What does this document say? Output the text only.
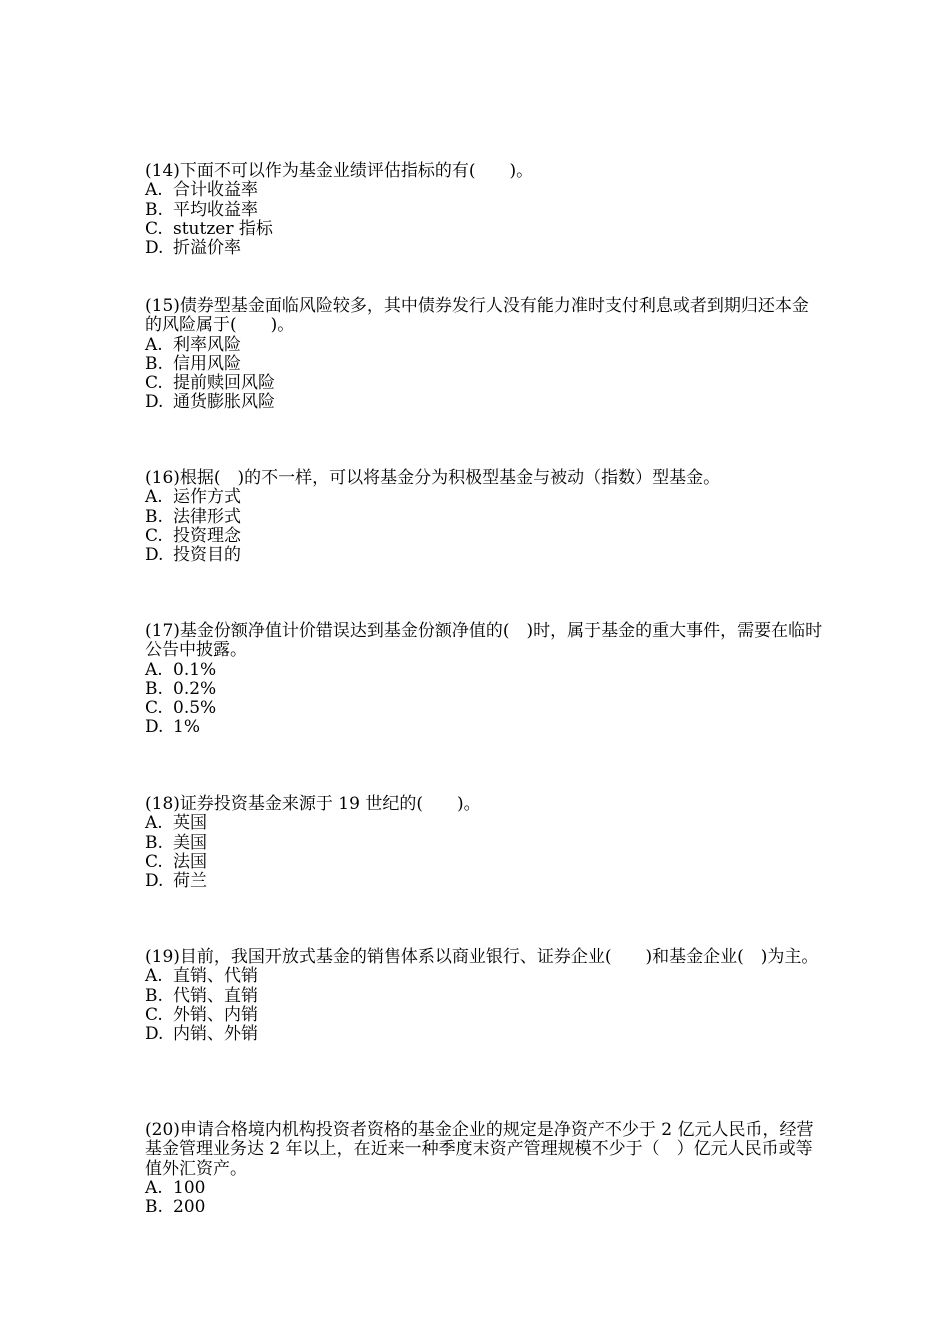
(14)下面不可以作为基金业绩评估指标的有(　　)。

A. 合计收益率
B. 平均收益率
C. stutzer 指标
D. 折溢价率

(15)债券型基金面临风险较多，其中债券发行人没有能力准时支付利息或者到期归还本金的风险属于(　　)。

A. 利率风险
B. 信用风险
C. 提前赎回风险
D. 通货膨胀风险

(16)根据(　)的不一样，可以将基金分为积极型基金与被动（指数）型基金。

A. 运作方式
B. 法律形式
C. 投资理念
D. 投资目的

(17)基金份额净值计价错误达到基金份额净值的(　)时，属于基金的重大事件，需要在临时公告中披露。

A. 0.1%
B. 0.2%
C. 0.5%
D. 1%

(18)证券投资基金来源于 19 世纪的(　　)。

A. 英国
B. 美国
C. 法国
D. 荷兰

(19)目前，我国开放式基金的销售体系以商业银行、证券企业(　　)和基金企业(　)为主。

A. 直销、代销
B. 代销、直销
C. 外销、内销
D. 内销、外销

(20)申请合格境内机构投资者资格的基金企业的规定是净资产不少于 2 亿元人民币，经营基金管理业务达 2 年以上，在近来一种季度末资产管理规模不少于（　）亿元人民币或等值外汇资产。

A. 100
B. 200
